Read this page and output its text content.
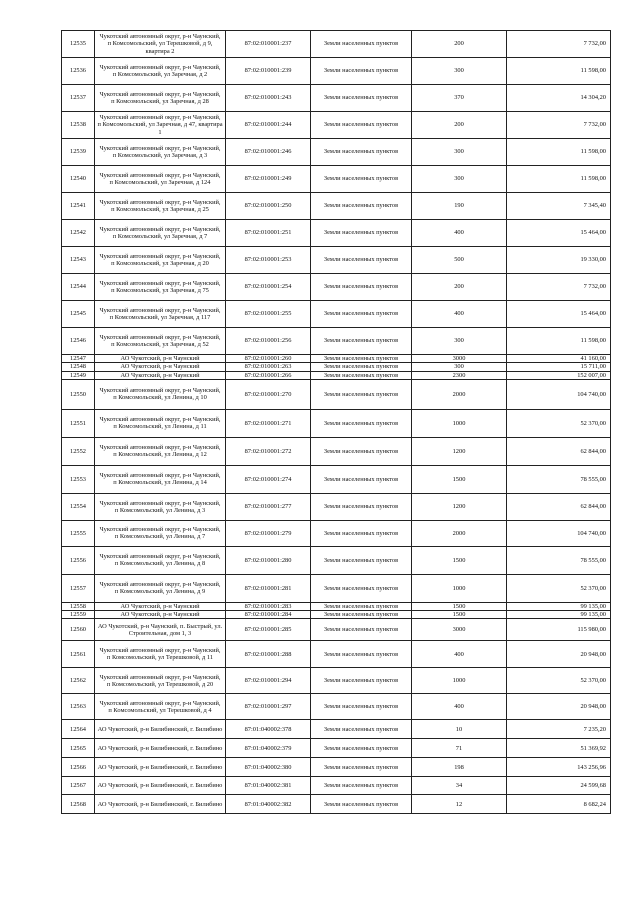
12535	Чукотский автономный округ, р-н Чаунский, п Комсомольский, ул Терешковой, д 9, квартира 2	87:02:010001:237	Земли населенных пунктов	200	7 732,00
12536	Чукотский автономный округ, р-н Чаунский, п Комсомольский, ул Заречная, д 2	87:02:010001:239	Земли населенных пунктов	300	11 598,00
12537	Чукотский автономный округ, р-н Чаунский, п Комсомольский, ул Заречная, д 28	87:02:010001:243	Земли населенных пунктов	370	14 304,20
12538	Чукотский автономный округ, р-н Чаунский, п Комсомольский, ул Заречная, д 47, квартира 1	87:02:010001:244	Земли населенных пунктов	200	7 732,00
12539	Чукотский автономный округ, р-н Чаунский, п Комсомольский, ул Заречная, д 3	87:02:010001:246	Земли населенных пунктов	300	11 598,00
12540	Чукотский автономный округ, р-н Чаунский, п Комсомольский, ул Заречная, д 124	87:02:010001:249	Земли населенных пунктов	300	11 598,00
12541	Чукотский автономный округ, р-н Чаунский, п Комсомольский, ул Заречная, д 25	87:02:010001:250	Земли населенных пунктов	190	7 345,40
12542	Чукотский автономный округ, р-н Чаунский, п Комсомольский, ул Заречная, д 7	87:02:010001:251	Земли населенных пунктов	400	15 464,00
12543	Чукотский автономный округ, р-н Чаунский, п Комсомольский, ул Заречная, д 20	87:02:010001:253	Земли населенных пунктов	500	19 330,00
12544	Чукотский автономный округ, р-н Чаунский, п Комсомольский, ул Заречная, д 75	87:02:010001:254	Земли населенных пунктов	200	7 732,00
12545	Чукотский автономный округ, р-н Чаунский, п Комсомольский, ул Заречная, д 117	87:02:010001:255	Земли населенных пунктов	400	15 464,00
12546	Чукотский автономный округ, р-н Чаунский, п Комсомольский, ул Заречная, д 52	87:02:010001:256	Земли населенных пунктов	300	11 598,00
12547	АО Чукотский, р-н Чаунский	87:02:010001:260	Земли населенных пунктов	3000	41 160,00
12548	АО Чукотский, р-н Чаунский	87:02:010001:263	Земли населенных пунктов	300	15 711,00
12549	АО Чукотский, р-н Чаунский	87:02:010001:266	Земли населенных пунктов	2300	152 007,00
12550	Чукотский автономный округ, р-н Чаунский, п Комсомольский, ул Ленина, д 10	87:02:010001:270	Земли населенных пунктов	2000	104 740,00
12551	Чукотский автономный округ, р-н Чаунский, п Комсомольский, ул Ленина, д 11	87:02:010001:271	Земли населенных пунктов	1000	52 370,00
12552	Чукотский автономный округ, р-н Чаунский, п Комсомольский, ул Ленина, д 12	87:02:010001:272	Земли населенных пунктов	1200	62 844,00
12553	Чукотский автономный округ, р-н Чаунский, п Комсомольский, ул Ленина, д 14	87:02:010001:274	Земли населенных пунктов	1500	78 555,00
12554	Чукотский автономный округ, р-н Чаунский, п Комсомольский, ул Ленина, д 3	87:02:010001:277	Земли населенных пунктов	1200	62 844,00
12555	Чукотский автономный округ, р-н Чаунский, п Комсомольский, ул Ленина, д 7	87:02:010001:279	Земли населенных пунктов	2000	104 740,00
12556	Чукотский автономный округ, р-н Чаунский, п Комсомольский, ул Ленина, д 8	87:02:010001:280	Земли населенных пунктов	1500	78 555,00
12557	Чукотский автономный округ, р-н Чаунский, п Комсомольский, ул Ленина, д 9	87:02:010001:281	Земли населенных пунктов	1000	52 370,00
12558	АО Чукотский, р-н Чаунский	87:02:010001:283	Земли населенных пунктов	1500	99 135,00
12559	АО Чукотский, р-н Чаунский	87:02:010001:284	Земли населенных пунктов	1500	99 135,00
12560	АО Чукотский, р-н Чаунский, п. Быстрый, ул. Строительная, дом 1, 3	87:02:010001:285	Земли населенных пунктов	3000	115 980,00
12561	Чукотский автономный округ, р-н Чаунский, п Комсомольский, ул Терешковой, д 11	87:02:010001:288	Земли населенных пунктов	400	20 948,00
12562	Чукотский автономный округ, р-н Чаунский, п Комсомольский, ул Терешковой, д 20	87:02:010001:294	Земли населенных пунктов	1000	52 370,00
12563	Чукотский автономный округ, р-н Чаунский, п Комсомольский, ул Терешковой, д 4	87:02:010001:297	Земли населенных пунктов	400	20 948,00
12564	АО Чукотский, р-н Билибинский, г. Билибино	87:01:040002:378	Земли населенных пунктов	10	7 235,20
12565	АО Чукотский, р-н Билибинский, г. Билибино	87:01:040002:379	Земли населенных пунктов	71	51 369,92
12566	АО Чукотский, р-н Билибинский, г. Билибино	87:01:040002:380	Земли населенных пунктов	198	143 256,96
12567	АО Чукотский, р-н Билибинский, г. Билибино	87:01:040002:381	Земли населенных пунктов	34	24 599,68
12568	АО Чукотский, р-н Билибинский, г. Билибино	87:01:040002:382	Земли населенных пунктов	12	8 682,24
